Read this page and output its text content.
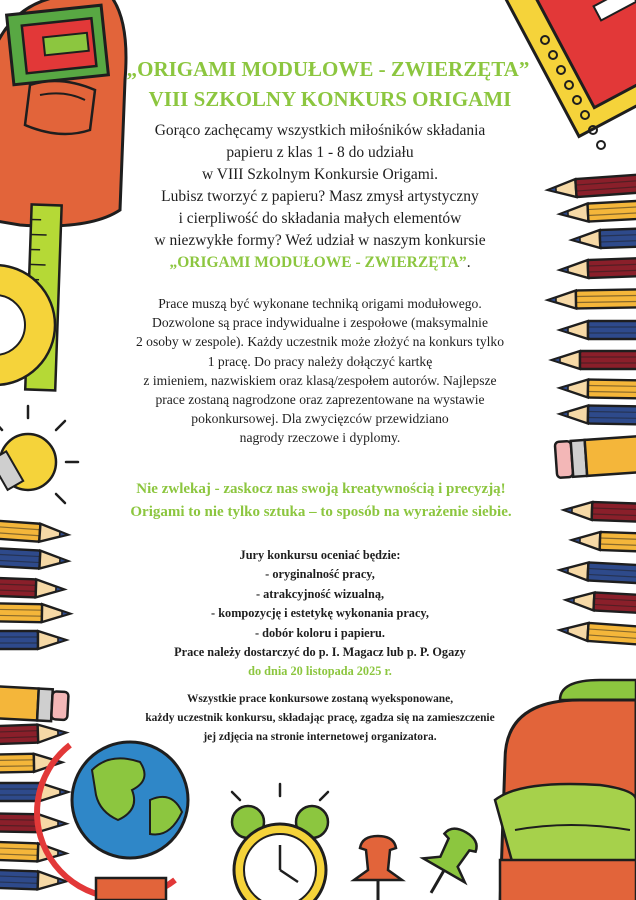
„ORIGAMI MODUŁOWE - ZWIERZĘTA”
VIII SZKOLNY KONKURS ORIGAMI
Gorąco zachęcamy wszystkich miłośników składania
papieru z klas 1 - 8 do udziału
w VIII Szkolnym Konkursie Origami.
Lubisz tworzyć z papieru? Masz zmysł artystyczny
i cierpliwość do składania małych elementów
w niezwykłe formy? Weź udział w naszym konkursie
„ORIGAMI MODUŁOWE - ZWIERZĘTA”.
Prace muszą być wykonane techniką origami modułowego.
Dozwolone są prace indywidualne i zespołowe (maksymalnie
2 osoby w zespole). Każdy uczestnik może złożyć na konkurs tylko
1 pracę. Do pracy należy dołączyć kartkę
z imieniem, nazwiskiem oraz klasą/zespołem autorów. Najlepsze
prace zostaną nagrodzone oraz zaprezentowane na wystawie
pokonkursowej. Dla zwycięzców przewidziano
nagrody rzeczowe i dyplomy.
Nie zwlekaj - zaskocz nas swoją kreatywnością i precyzją!
Origami to nie tylko sztuka – to sposób na wyrażenie siebie.
Jury konkursu oceniać będzie:
- oryginalność pracy,
- atrakcyjność wizualną,
- kompozycję i estetykę wykonania pracy,
- dobór koloru i papieru.
Prace należy dostarczyć do p. I. Magacz lub p. P. Ogazy
do dnia 20 listopada 2025 r.
Wszystkie prace konkursowe zostaną wyeksponowane,
każdy uczestnik konkursu, składając pracę, zgadza się na zamieszczenie
jej zdjęcia na stronie internetowej organizatora.
